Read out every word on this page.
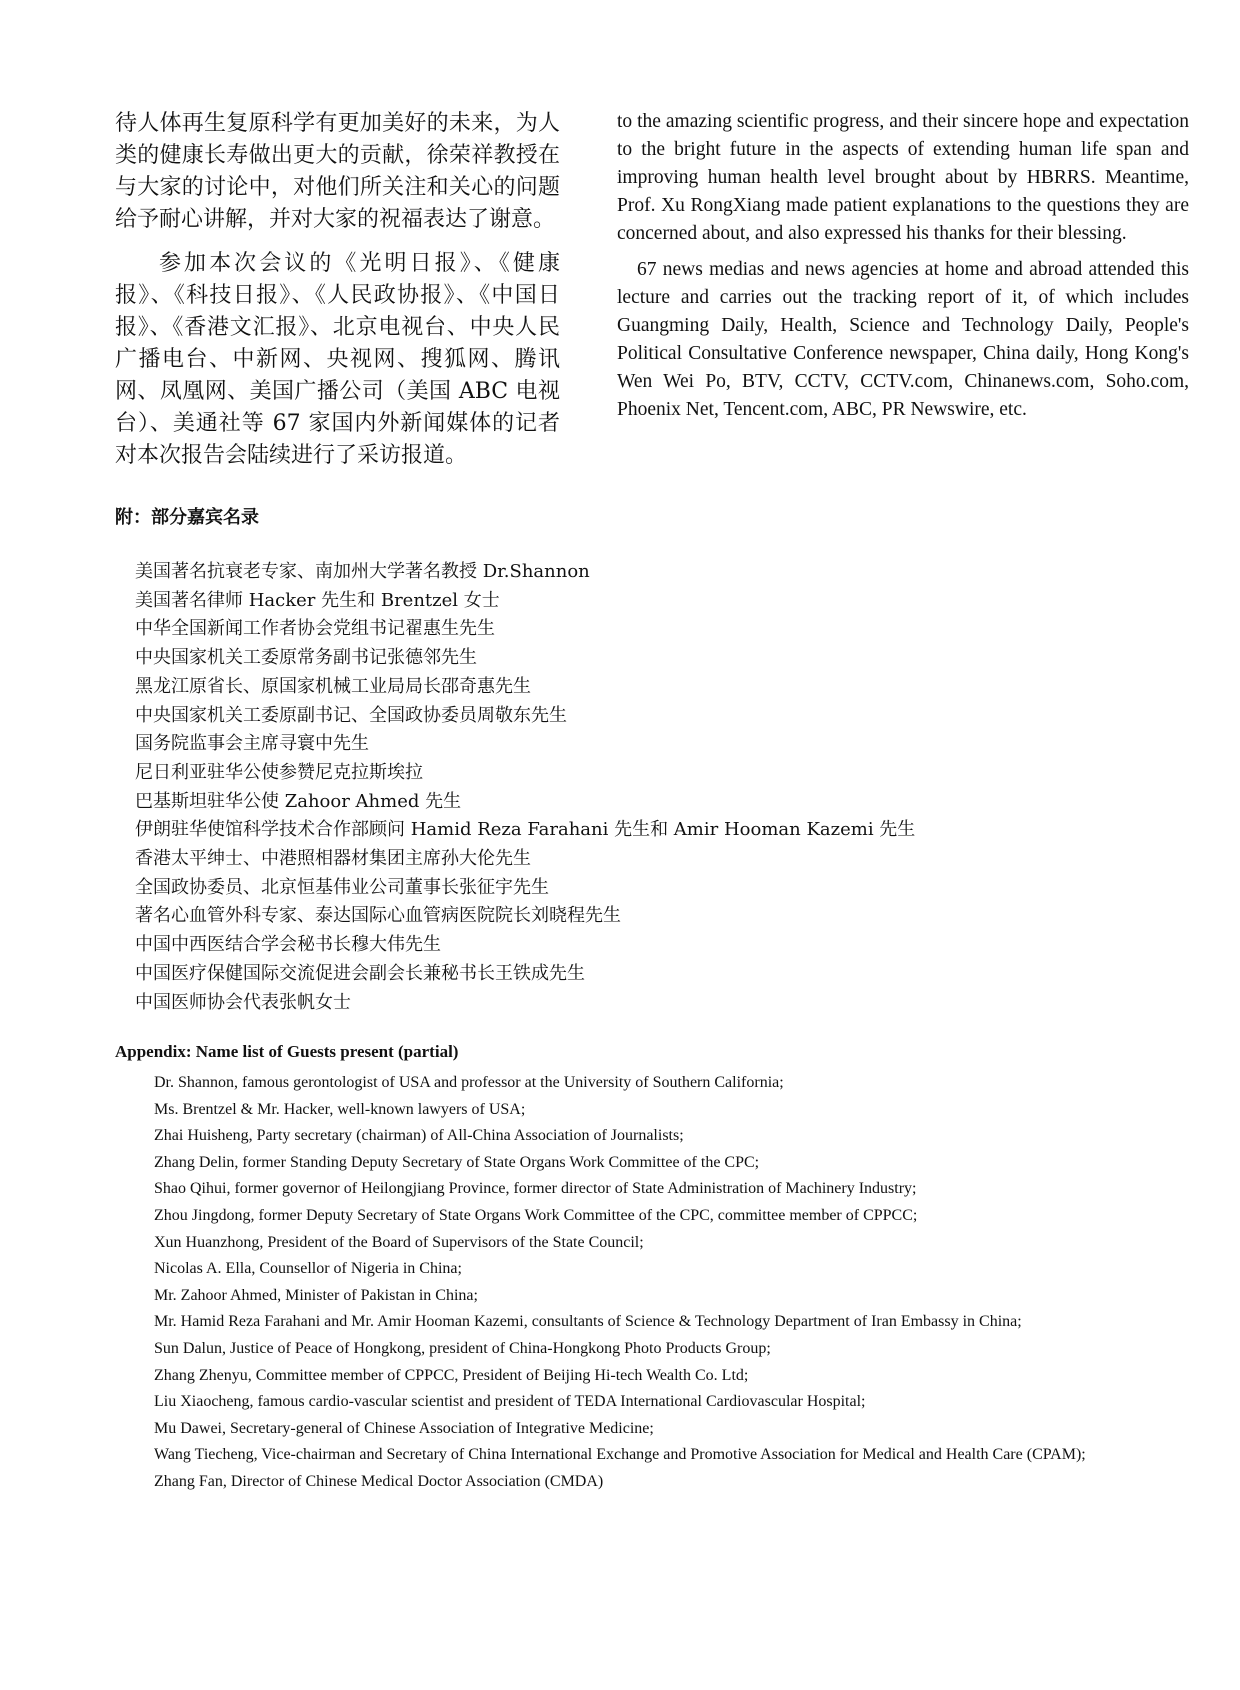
待人体再生复原科学有更加美好的未来，为人类的健康长寿做出更大的贡献，徐荣祥教授在与大家的讨论中，对他们所关注和关心的问题给予耐心讲解，并对大家的祝福表达了谢意。

参加本次会议的《光明日报》、《健康报》、《科技日报》、《人民政协报》、《中国日报》、《香港文汇报》、北京电视台、中央人民广播电台、中新网、央视网、搜狐网、腾讯网、凤凰网、美国广播公司（美国 ABC 电视台）、美通社等 67 家国内外新闻媒体的记者对本次报告会陆续进行了采访报道。

to the amazing scientific progress, and their sincere hope and expectation to the bright future in the aspects of extending human life span and improving human health level brought about by HBRRS. Meantime, Prof. Xu RongXiang made patient explanations to the questions they are concerned about, and also expressed his thanks for their blessing.

67 news medias and news agencies at home and abroad attended this lecture and carries out the tracking report of it, of which includes Guangming Daily, Health, Science and Technology Daily, People's Political Consultative Conference newspaper, China daily, Hong Kong's Wen Wei Po, BTV, CCTV, CCTV.com, Chinanews.com, Soho.com, Phoenix Net, Tencent.com, ABC, PR Newswire, etc.

附：部分嘉宾名录
美国著名抗衰老专家、南加州大学著名教授 Dr.Shannon
美国著名律师 Hacker 先生和 Brentzel 女士
中华全国新闻工作者协会党组书记翟惠生先生
中央国家机关工委原常务副书记张德邻先生
黑龙江原省长、原国家机械工业局局长邵奇惠先生
中央国家机关工委原副书记、全国政协委员周敬东先生
国务院监事会主席寻寰中先生
尼日利亚驻华公使参赞尼克拉斯埃拉
巴基斯坦驻华公使 Zahoor Ahmed 先生
伊朗驻华使馆科学技术合作部顾问 Hamid Reza Farahani 先生和 Amir Hooman Kazemi 先生
香港太平绅士、中港照相器材集团主席孙大伦先生
全国政协委员、北京恒基伟业公司董事长张征宇先生
著名心血管外科专家、泰达国际心血管病医院院长刘晓程先生
中国中西医结合学会秘书长穆大伟先生
中国医疗保健国际交流促进会副会长兼秘书长王铁成先生
中国医师协会代表张帆女士
Appendix: Name list of Guests present (partial)
Dr. Shannon, famous gerontologist of USA and professor at the University of Southern California;
Ms. Brentzel & Mr. Hacker, well-known lawyers of USA;
Zhai Huisheng, Party secretary (chairman) of All-China Association of Journalists;
Zhang Delin, former Standing Deputy Secretary of State Organs Work Committee of the CPC;
Shao Qihui, former governor of Heilongjiang Province, former director of State Administration of Machinery Industry;
Zhou Jingdong, former Deputy Secretary of State Organs Work Committee of the CPC, committee member of CPPCC;
Xun Huanzhong, President of the Board of Supervisors of the State Council;
Nicolas A. Ella, Counsellor of Nigeria in China;
Mr. Zahoor Ahmed, Minister of Pakistan in China;
Mr. Hamid Reza Farahani and Mr. Amir Hooman Kazemi, consultants of Science & Technology Department of Iran Embassy in China;
Sun Dalun, Justice of Peace of Hongkong, president of China-Hongkong Photo Products Group;
Zhang Zhenyu, Committee member of CPPCC, President of Beijing Hi-tech Wealth Co. Ltd;
Liu Xiaocheng, famous cardio-vascular scientist and president of TEDA International Cardiovascular Hospital;
Mu Dawei, Secretary-general of Chinese Association of Integrative Medicine;
Wang Tiecheng, Vice-chairman and Secretary of China International Exchange and Promotive Association for Medical and Health Care (CPAM);
Zhang Fan, Director of Chinese Medical Doctor Association (CMDA)
